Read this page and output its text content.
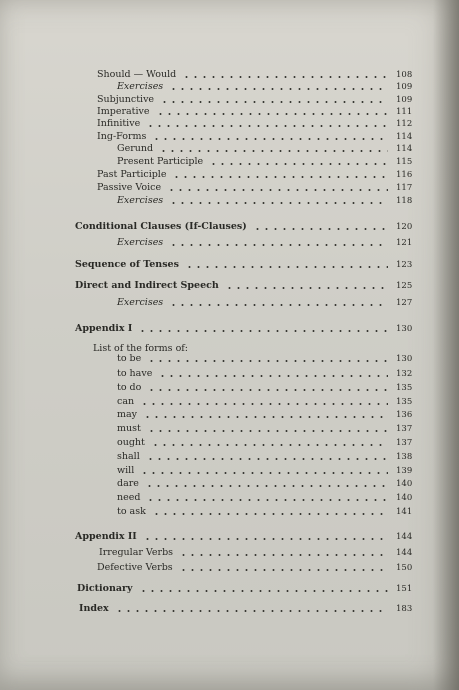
Should — Would	108
Exercises	109
Subjunctive	109
Imperative	111
Infinitive	112
Ing-Forms	114
Gerund	114
Present Participle	115
Past Participle	116
Passive Voice	117
Exercises	118
Conditional Clauses (If-Clauses)	120
Exercises	121
Sequence of Tenses	123
Direct and Indirect Speech	125
Exercises	127
Appendix I	130
List of the forms of:
to be	130
to have	132
to do	135
can	135
may	136
must	137
ought	137
shall	138
will	139
dare	140
need	140
to ask	141
Appendix II	144
Irregular Verbs	144
Defective Verbs	150
Dictionary	151
Index	183
